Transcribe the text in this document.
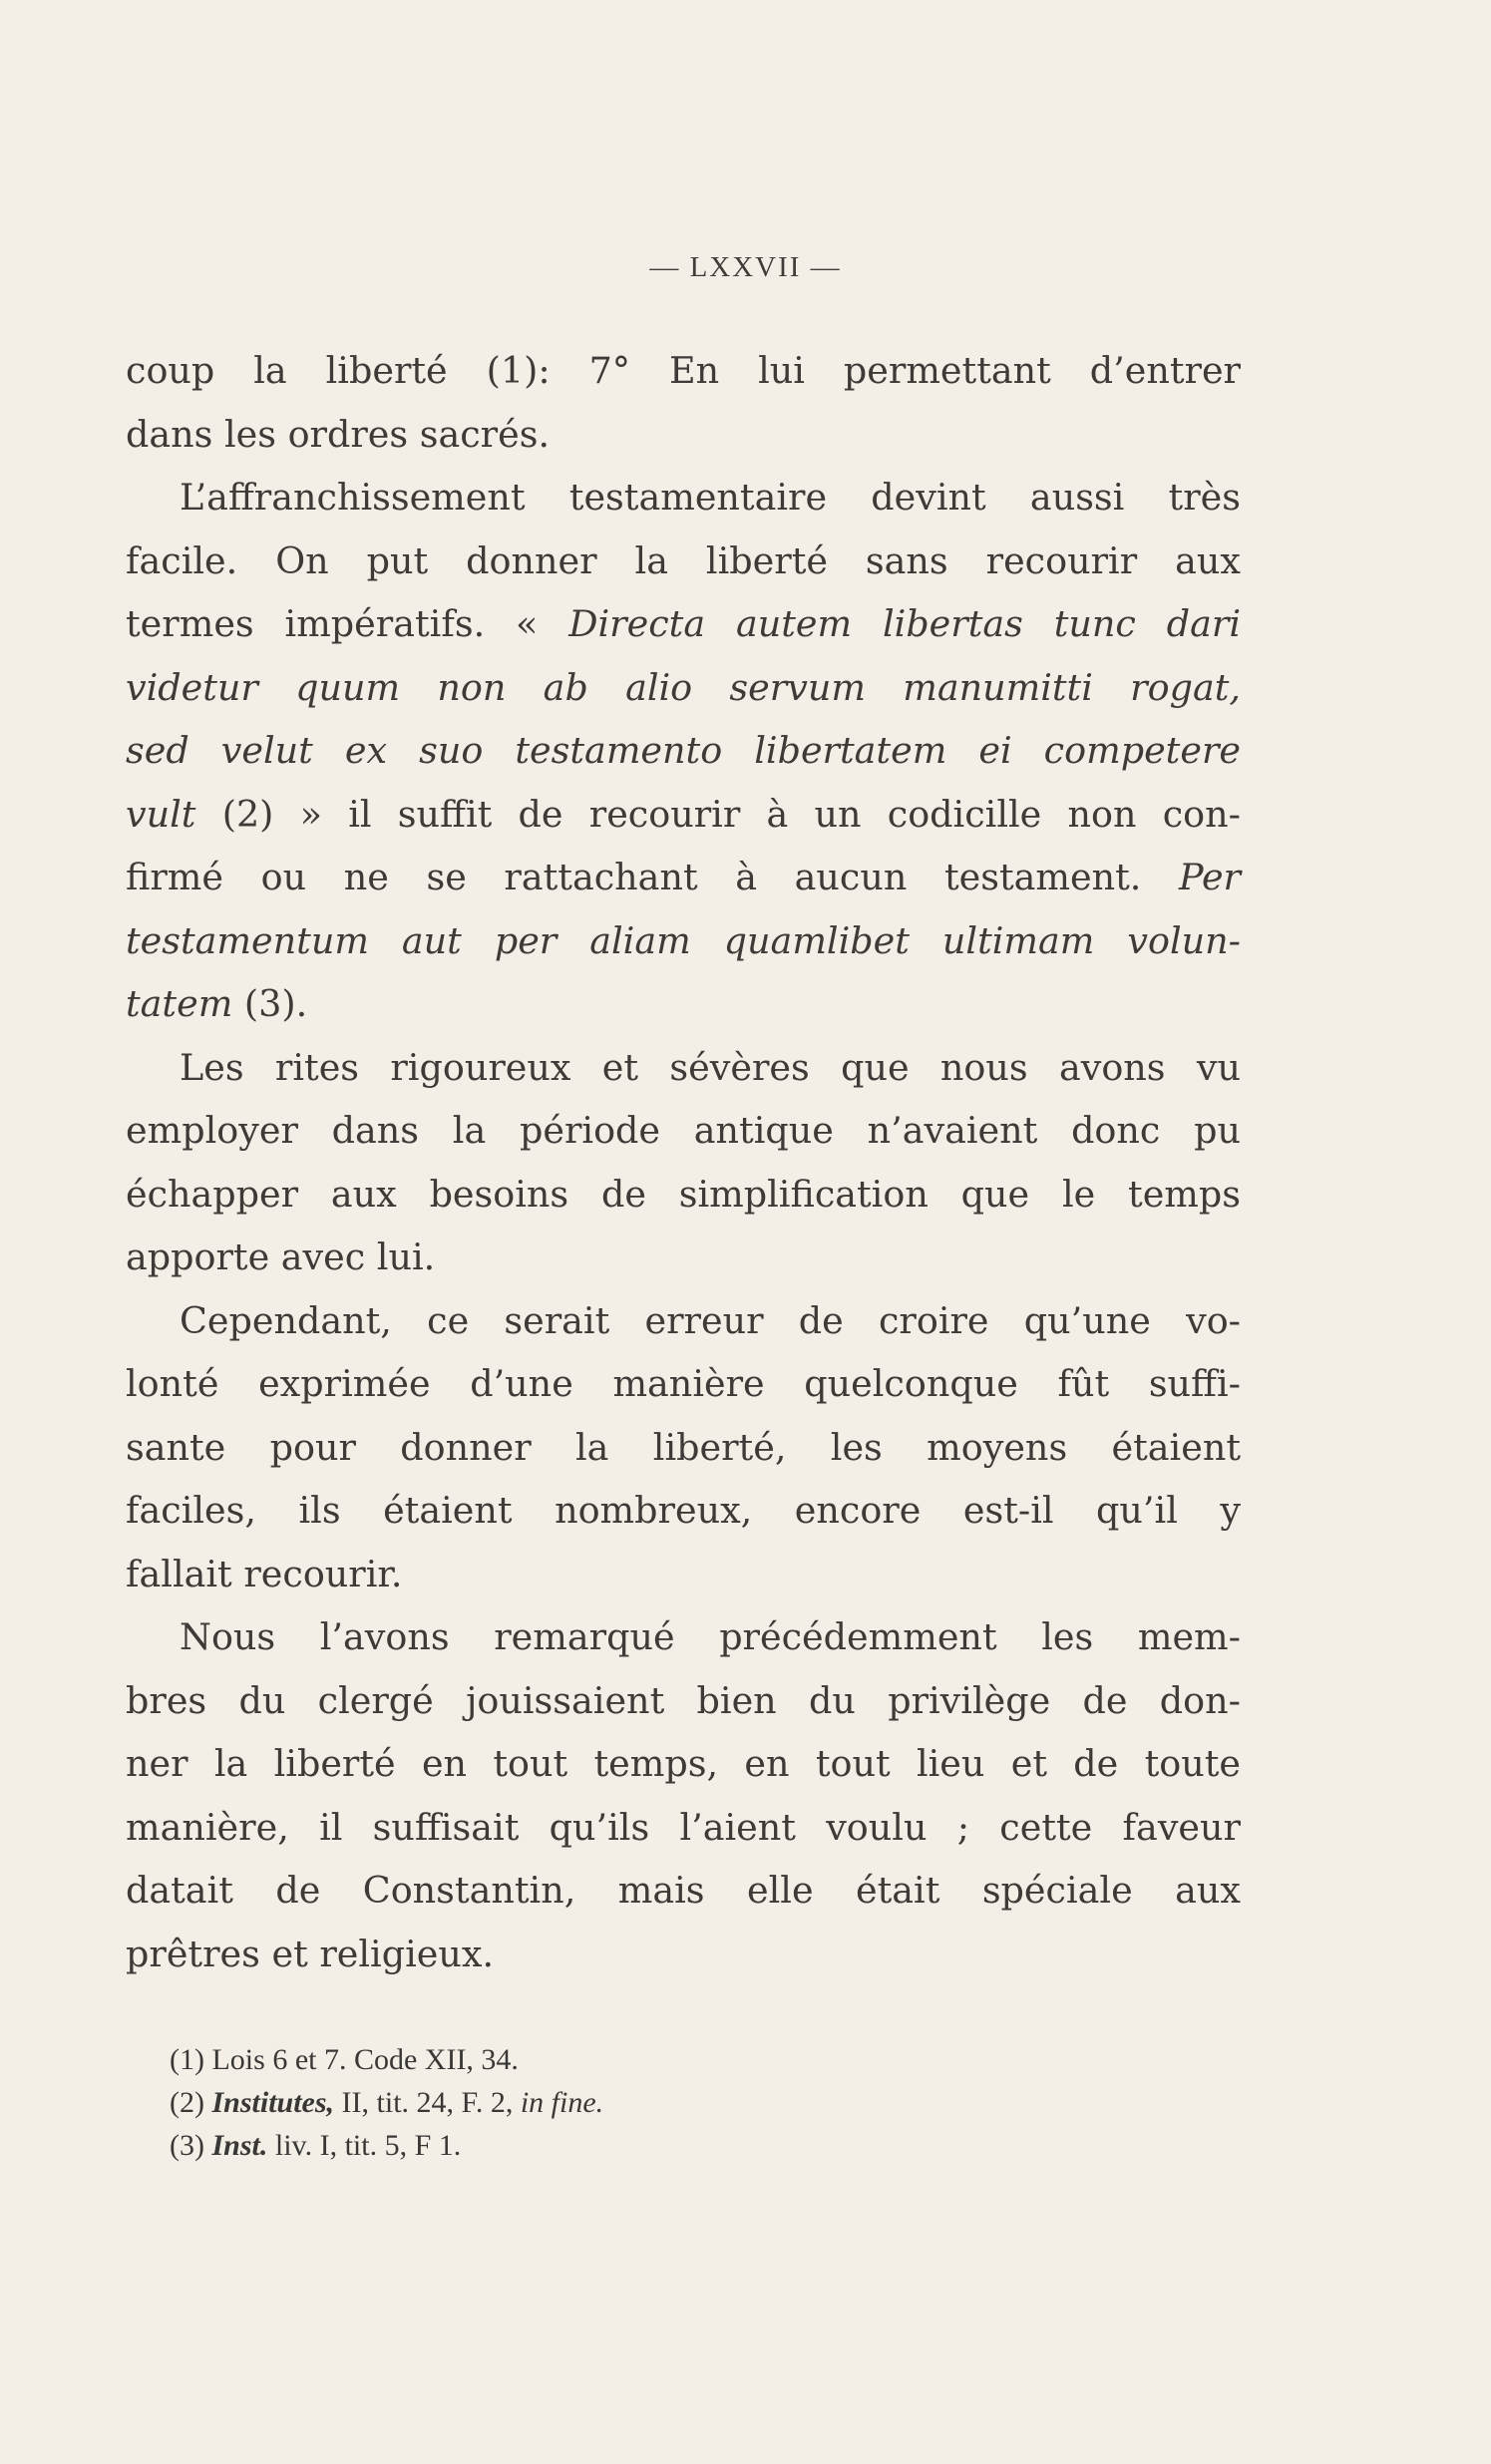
— LXXVII —
coup la liberté (1): 7° En lui permettant d’entrer
dans les ordres sacrés.
L’affranchissement testamentaire devint aussi très
facile. On put donner la liberté sans recourir aux
termes impératifs. « Directa autem libertas tunc dari
videtur quum non ab alio servum manumitti rogat,
sed velut ex suo testamento libertatem ei competere
vult (2) » il suffit de recourir à un codicille non con-
firmé ou ne se rattachant à aucun testament. Per
testamentum aut per aliam quamlibet ultimam volun-
tatem (3).
Les rites rigoureux et sévères que nous avons vu
employer dans la période antique n’avaient donc pu
échapper aux besoins de simplification que le temps
apporte avec lui.
Cependant, ce serait erreur de croire qu’une vo-
lonté exprimée d’une manière quelconque fût suffi-
sante pour donner la liberté, les moyens étaient
faciles, ils étaient nombreux, encore est-il qu’il y
fallait recourir.
Nous l’avons remarqué précédemment les mem-
bres du clergé jouissaient bien du privilège de don-
ner la liberté en tout temps, en tout lieu et de toute
manière, il suffisait qu’ils l’aient voulu ; cette faveur
datait de Constantin, mais elle était spéciale aux
prêtres et religieux.
(1) Lois 6 et 7. Code XII, 34.
(2) Institutes, II, tit. 24, F. 2, in fine.
(3) Inst. liv. I, tit. 5, F 1.
